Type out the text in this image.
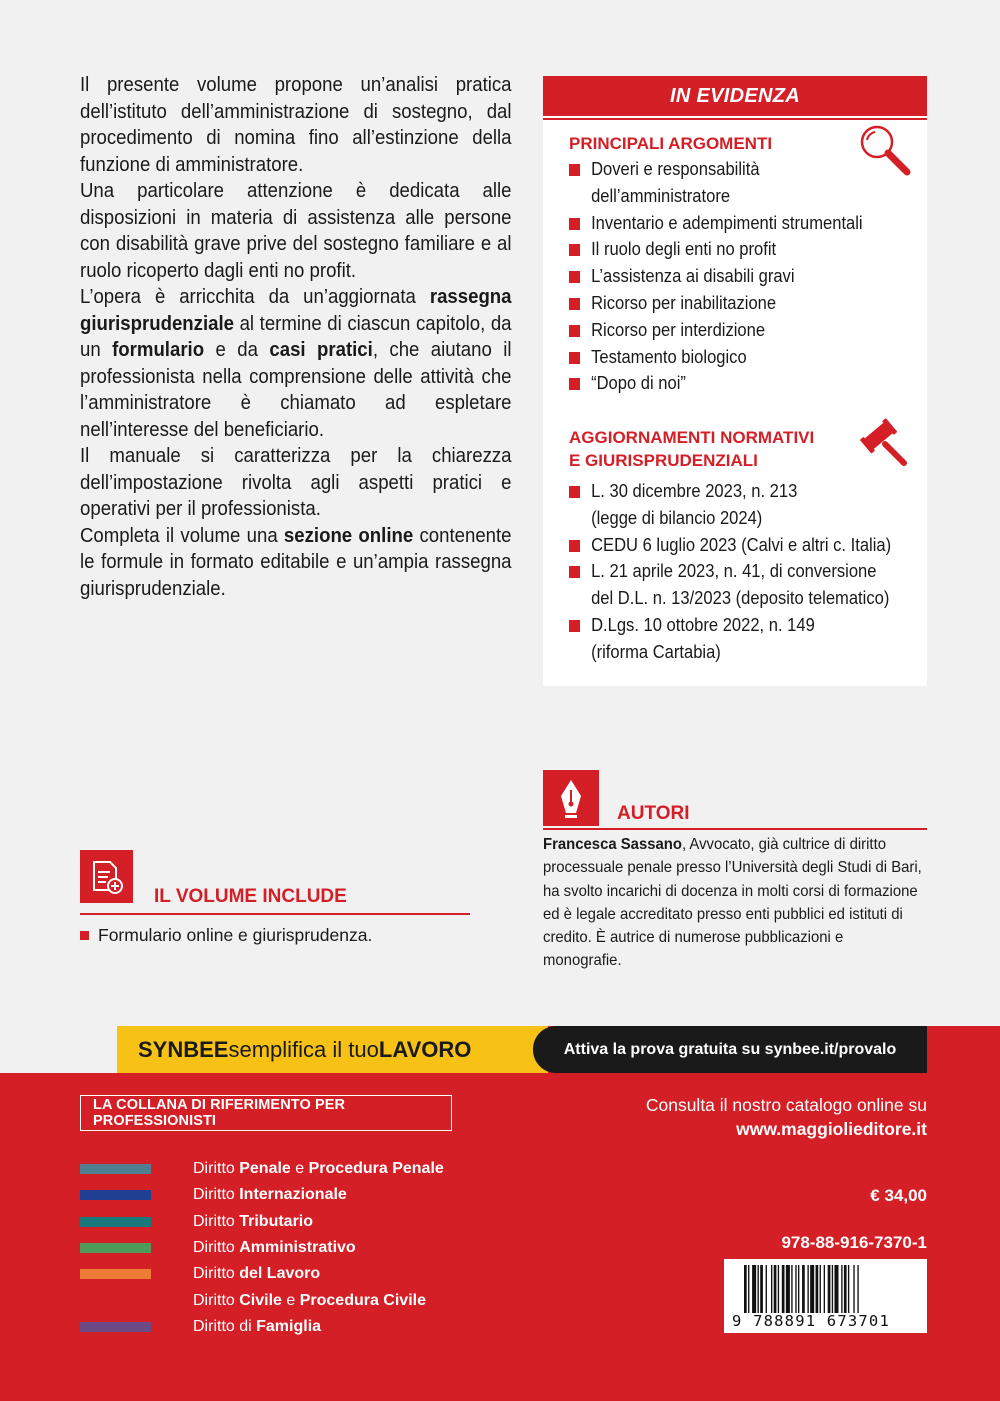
Il presente volume propone un’analisi pratica dell’istituto dell’amministrazione di sostegno, dal procedimento di nomina fino all’estinzione della funzione di amministratore.

Una particolare attenzione è dedicata alle disposizioni in materia di assistenza alle persone con disabilità grave prive del sostegno familiare e al ruolo ricoperto dagli enti no profit.

L’opera è arricchita da un’aggiornata rassegna giurisprudenziale al termine di ciascun capitolo, da un formulario e da casi pratici, che aiutano il professionista nella comprensione delle attività che l’amministratore è chiamato ad espletare nell’interesse del beneficiario.

Il manuale si caratterizza per la chiarezza dell’impostazione rivolta agli aspetti pratici e operativi per il professionista.

Completa il volume una sezione online contenente le formule in formato editabile e un’ampia rassegna giurisprudenziale.

IN EVIDENZA
PRINCIPALI ARGOMENTI
Doveri e responsabilità
dell’amministratore
Inventario e adempimenti strumentali
Il ruolo degli enti no profit
L’assistenza ai disabili gravi
Ricorso per inabilitazione
Ricorso per interdizione
Testamento biologico
“Dopo di noi”
AGGIORNAMENTI NORMATIVI
E GIURISPRUDENZIALI
L. 30 dicembre 2023, n. 213
(legge di bilancio 2024)
CEDU 6 luglio 2023 (Calvi e altri c. Italia)
L. 21 aprile 2023, n. 41, di conversione
del D.L. n. 13/2023 (deposito telematico)
D.Lgs. 10 ottobre 2022, n. 149
(riforma Cartabia)
AUTORI
Francesca Sassano, Avvocato, già cultrice di diritto processuale penale presso l’Università degli Studi di Bari, ha svolto incarichi di docenza in molti corsi di formazione ed è legale accreditato presso enti pubblici ed istituti di credito. È autrice di numerose pubblicazioni e monografie.
IL VOLUME INCLUDE
Formulario online e giurisprudenza.
SYNBEE semplifica il tuo LAVORO	Attiva la prova gratuita su synbee.it/provalo
LA COLLANA DI RIFERIMENTO PER PROFESSIONISTI
Consulta il nostro catalogo online su
www.maggiolieditore.it
Diritto Penale e Procedura Penale
Diritto Internazionale
Diritto Tributario
Diritto Amministrativo
Diritto del Lavoro
Diritto Civile e Procedura Civile
Diritto di Famiglia
€ 34,00
978-88-916-7370-1
9 788891 673701
